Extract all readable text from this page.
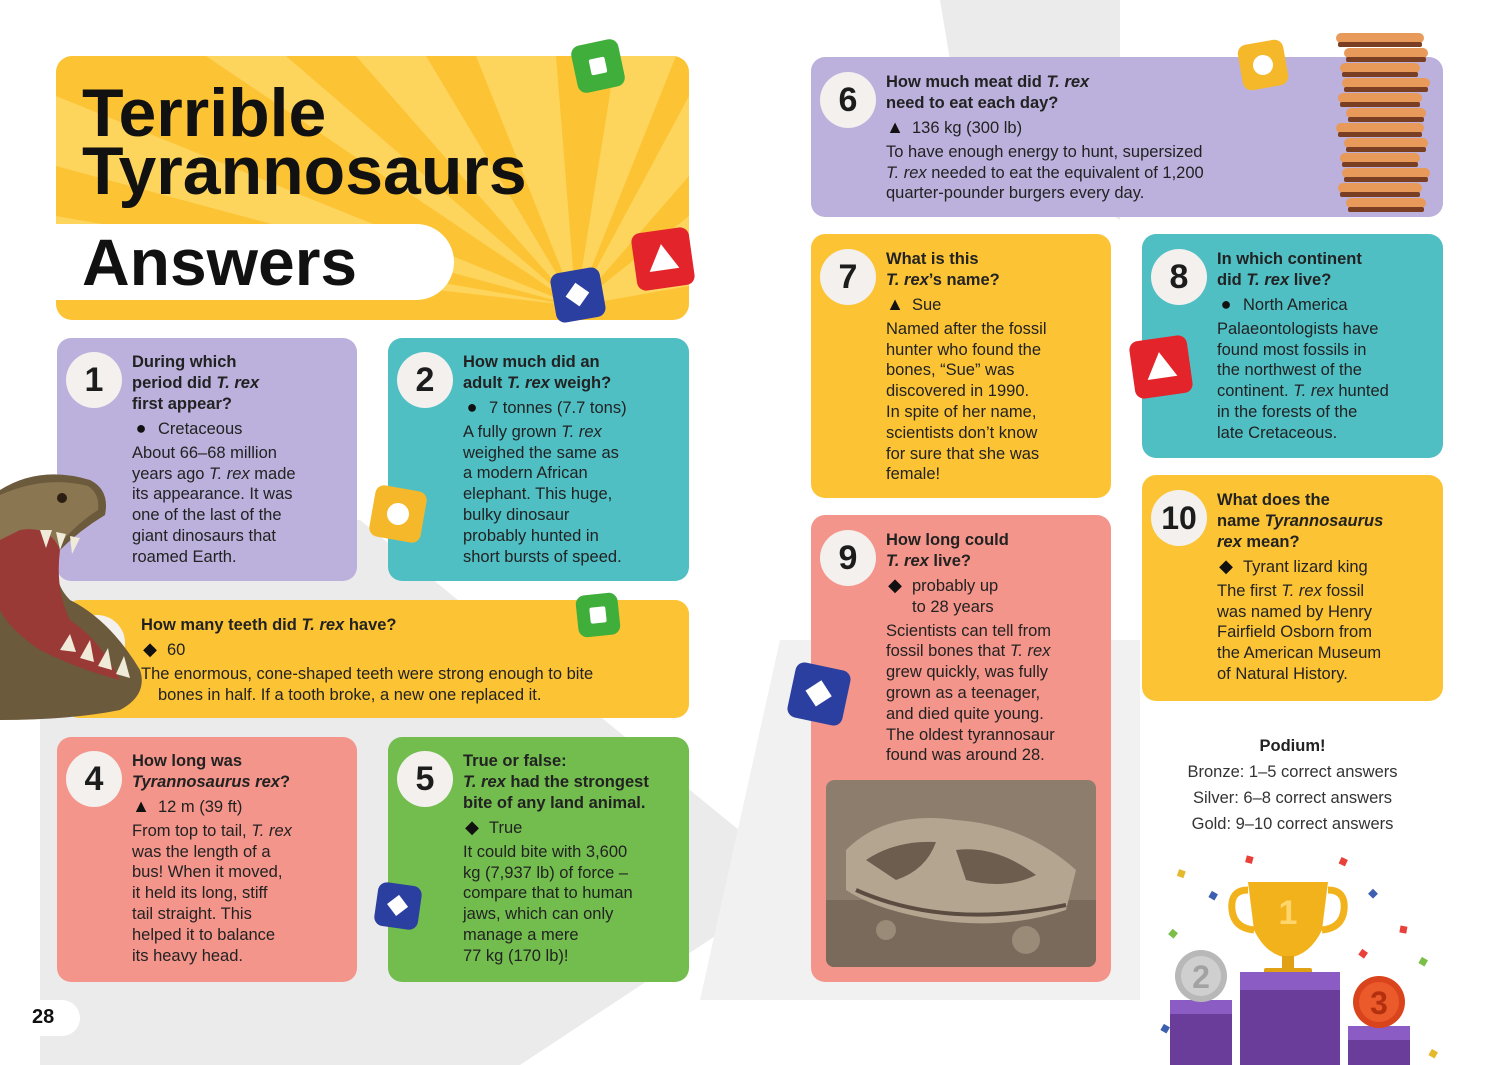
Terrible
Tyrannosaurs
Answers
1	During which
period did T. rex
first appear?

● Cretaceous

About 66–68 million
years ago T. rex made
its appearance. It was
one of the last of the
giant dinosaurs that
roamed Earth.

2	How much did an
adult T. rex weigh?

● 7 tonnes (7.7 tons)

A fully grown T. rex
weighed the same as
a modern African
elephant. This huge,
bulky dinosaur
probably hunted in
short bursts of speed.

How many teeth did T. rex have?

◆ 60

The enormous, cone-shaped teeth were strong enough to bite
bones in half. If a tooth broke, a new one replaced it.

4	How long was
Tyrannosaurus rex?

▲ 12 m (39 ft)

From top to tail, T. rex
was the length of a
bus! When it moved,
it held its long, stiff
tail straight. This
helped it to balance
its heavy head.

5	True or false:
T. rex had the strongest
bite of any land animal.

◆ True

It could bite with 3,600
kg (7,937 lb) of force –
compare that to human
jaws, which can only
manage a mere
77 kg (170 lb)!

6	How much meat did T. rex
need to eat each day?

▲ 136 kg (300 lb)

To have enough energy to hunt, supersized
T. rex needed to eat the equivalent of 1,200
quarter-pounder burgers every day.

7	What is this
T. rex’s name?

▲ Sue

Named after the fossil
hunter who found the
bones, “Sue” was
discovered in 1990.
In spite of her name,
scientists don’t know
for sure that she was
female!

8	In which continent
did T. rex live?

● North America

Palaeontologists have
found most fossils in
the northwest of the
continent. T. rex hunted
in the forests of the
late Cretaceous.

9	How long could
T. rex live?

◆ probably up
to 28 years

Scientists can tell from
fossil bones that T. rex
grew quickly, was fully
grown as a teenager,
and died quite young.
The oldest tyrannosaur
found was around 28.

10	What does the
name Tyrannosaurus
rex mean?

◆ Tyrant lizard king

The first T. rex fossil
was named by Henry
Fairfield Osborn from
the American Museum
of Natural History.

Podium!
Bronze: 1–5 correct answers
Silver: 6–8 correct answers
Gold: 9–10 correct answers
1
2
3
28
